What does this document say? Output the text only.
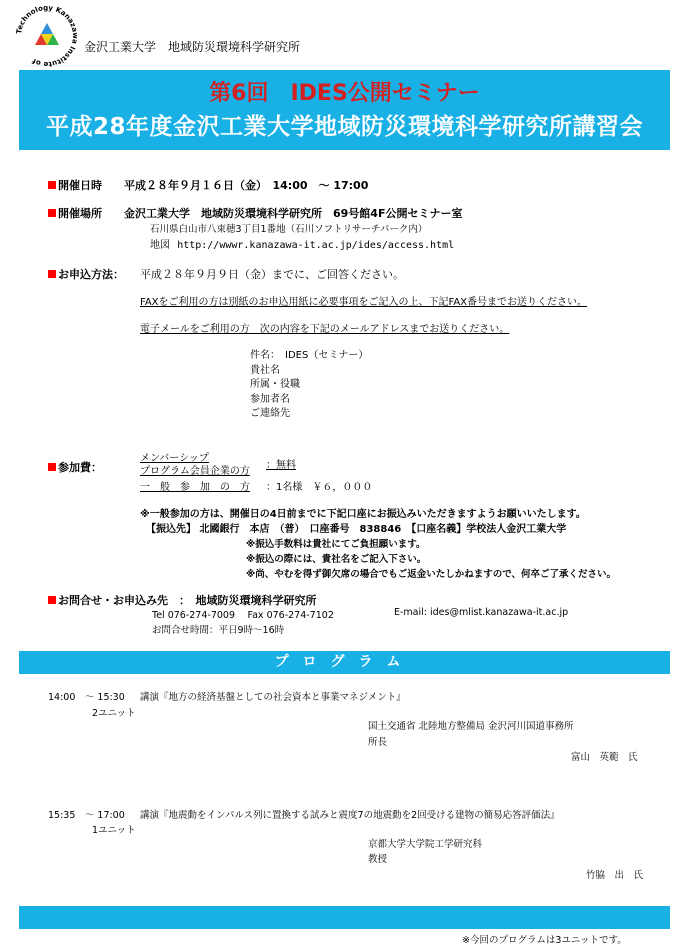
Technology Kanazawa Institute of
金沢工業大学　地域防災環境科学研究所
第6回　IDES公開セミナー
平成28年度金沢工業大学地域防災環境科学研究所講習会
開催日時 平成２８年９月１６日（金）　14:00　～ 17:00
開催場所 金沢工業大学　地域防災環境科学研究所　69号館4F公開セミナー室
石川県白山市八束穂3丁目1番地（石川ソフトリサーチパーク内）
地図 http://wwwr.kanazawa-it.ac.jp/ides/access.html
お申込方法： 平成２８年９月９日（金）までに、ご回答ください。
FAXをご利用の方は別紙のお申込用紙に必要事項をご記入の上、下記FAX番号までお送りください。
電子メールをご利用の方　次の内容を下記のメールアドレスまでお送りください。
件名：　IDES（セミナー）
貴社名
所属・役職
参加者名
ご連絡先
参加費：
メンバーシップ
プログラム会員企業の方
：無料
一　般　参　加　の　方 ：1名様　￥６，０００
※一般参加の方は、開催日の4日前までに下記口座にお振込みいただきますようお願いいたします。
【振込先】 北國銀行　本店　（普）　口座番号　838846　【口座名義】学校法人金沢工業大学
※振込手数料は貴社にてご負担願います。
※振込の際には、貴社名をご記入下さい。
※尚、やむを得ず御欠席の場合でもご返金いたしかねますので、何卒ご了承ください。
お問合せ・お申込み先　：　地域防災環境科学研究所
Tel 076-274-7009　 Fax 076-274-7102	E-mail: ides@mlist.kanazawa-it.ac.jp
お問合せ時間：平日9時～16時
プログラム
14:00　～ 15:30 講演『地方の経済基盤としての社会資本と事業マネジメント』
2ユニット
国土交通省 北陸地方整備局 金沢河川国道事務所
所長
富山　英範　氏
15:35　～ 17:00 講演『地震動をインパルス列に置換する試みと震度7の地震動を2回受ける建物の簡易応答評価法』
1ユニット
京都大学大学院工学研究科
教授
竹脇　出　氏
※今回のプログラムは3ユニットです。
